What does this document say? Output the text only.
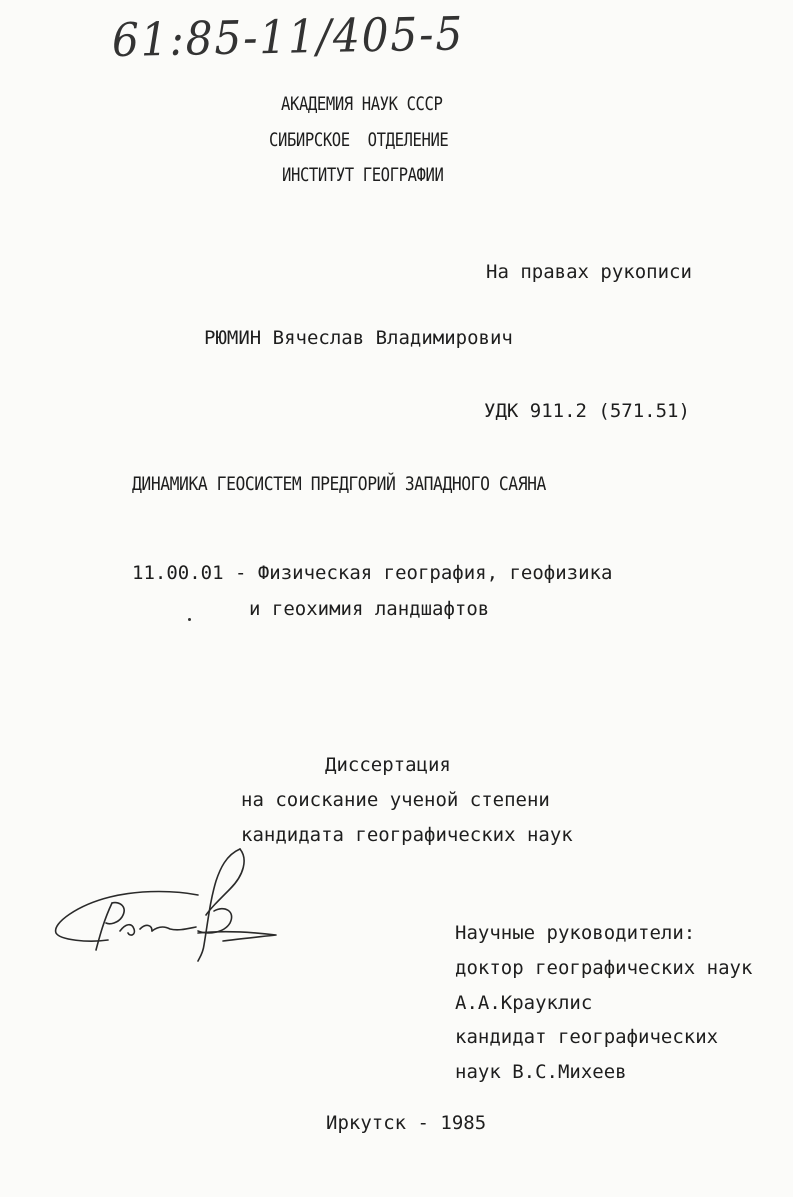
61:85-11/405-5
АКАДЕМИЯ НАУК СССР
СИБИРСКОЕ  ОТДЕЛЕНИЕ
ИНСТИТУТ ГЕОГРАФИИ
На правах рукописи
РЮМИН Вячеслав Владимирович
УДК 911.2 (571.51)
ДИНАМИКА ГЕОСИСТЕМ ПРЕДГОРИЙ ЗАПАДНОГО САЯНА
11.00.01 - Физическая география, геофизика
и геохимия ландшафтов
Диссертация
на соискание ученой степени
кандидата географических наук
Научные руководители:
доктор географических наук
А.А.Крауклис
кандидат географических
наук В.С.Михеев
Иркутск - 1985
